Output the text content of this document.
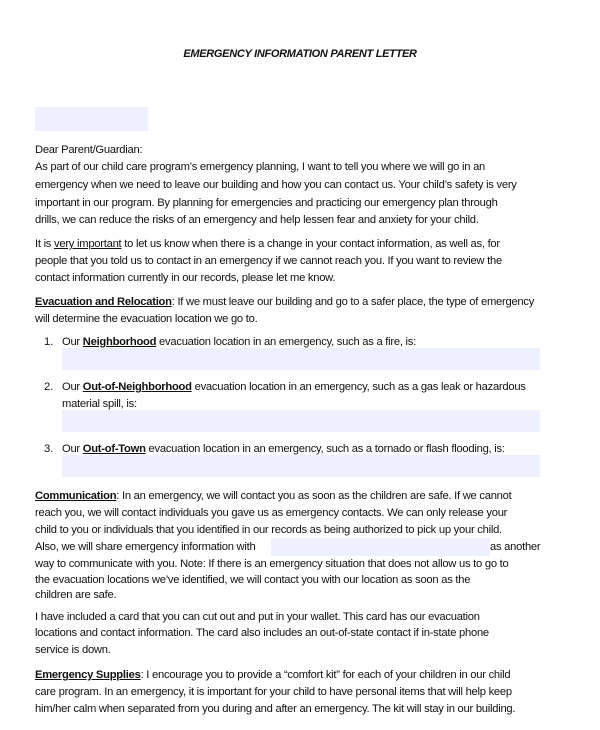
EMERGENCY INFORMATION PARENT LETTER
Dear Parent/Guardian:
As part of our child care program’s emergency planning, I want to tell you where we will go in an
emergency when we need to leave our building and how you can contact us. Your child’s safety is very
important in our program. By planning for emergencies and practicing our emergency plan through
drills, we can reduce the risks of an emergency and help lessen fear and anxiety for your child.
It is very important to let us know when there is a change in your contact information, as well as, for
people that you told us to contact in an emergency if we cannot reach you. If you want to review the
contact information currently in our records, please let me know.
Evacuation and Relocation: If we must leave our building and go to a safer place, the type of emergency
will determine the evacuation location we go to.
1. Our Neighborhood evacuation location in an emergency, such as a fire, is:
2. Our Out-of-Neighborhood evacuation location in an emergency, such as a gas leak or hazardous
material spill, is:
3. Our Out-of-Town evacuation location in an emergency, such as a tornado or flash flooding, is:
Communication: In an emergency, we will contact you as soon as the children are safe. If we cannot
reach you, we will contact individuals you gave us as emergency contacts. We can only release your
child to you or individuals that you identified in our records as being authorized to pick up your child.
Also, we will share emergency information with	as another
way to communicate with you. Note: If there is an emergency situation that does not allow us to go to
the evacuation locations we’ve identified, we will contact you with our location as soon as the
children are safe.
I have included a card that you can cut out and put in your wallet. This card has our evacuation
locations and contact information. The card also includes an out-of-state contact if in-state phone
service is down.
Emergency Supplies: I encourage you to provide a “comfort kit” for each of your children in our child
care program. In an emergency, it is important for your child to have personal items that will help keep
him/her calm when separated from you during and after an emergency. The kit will stay in our building.
